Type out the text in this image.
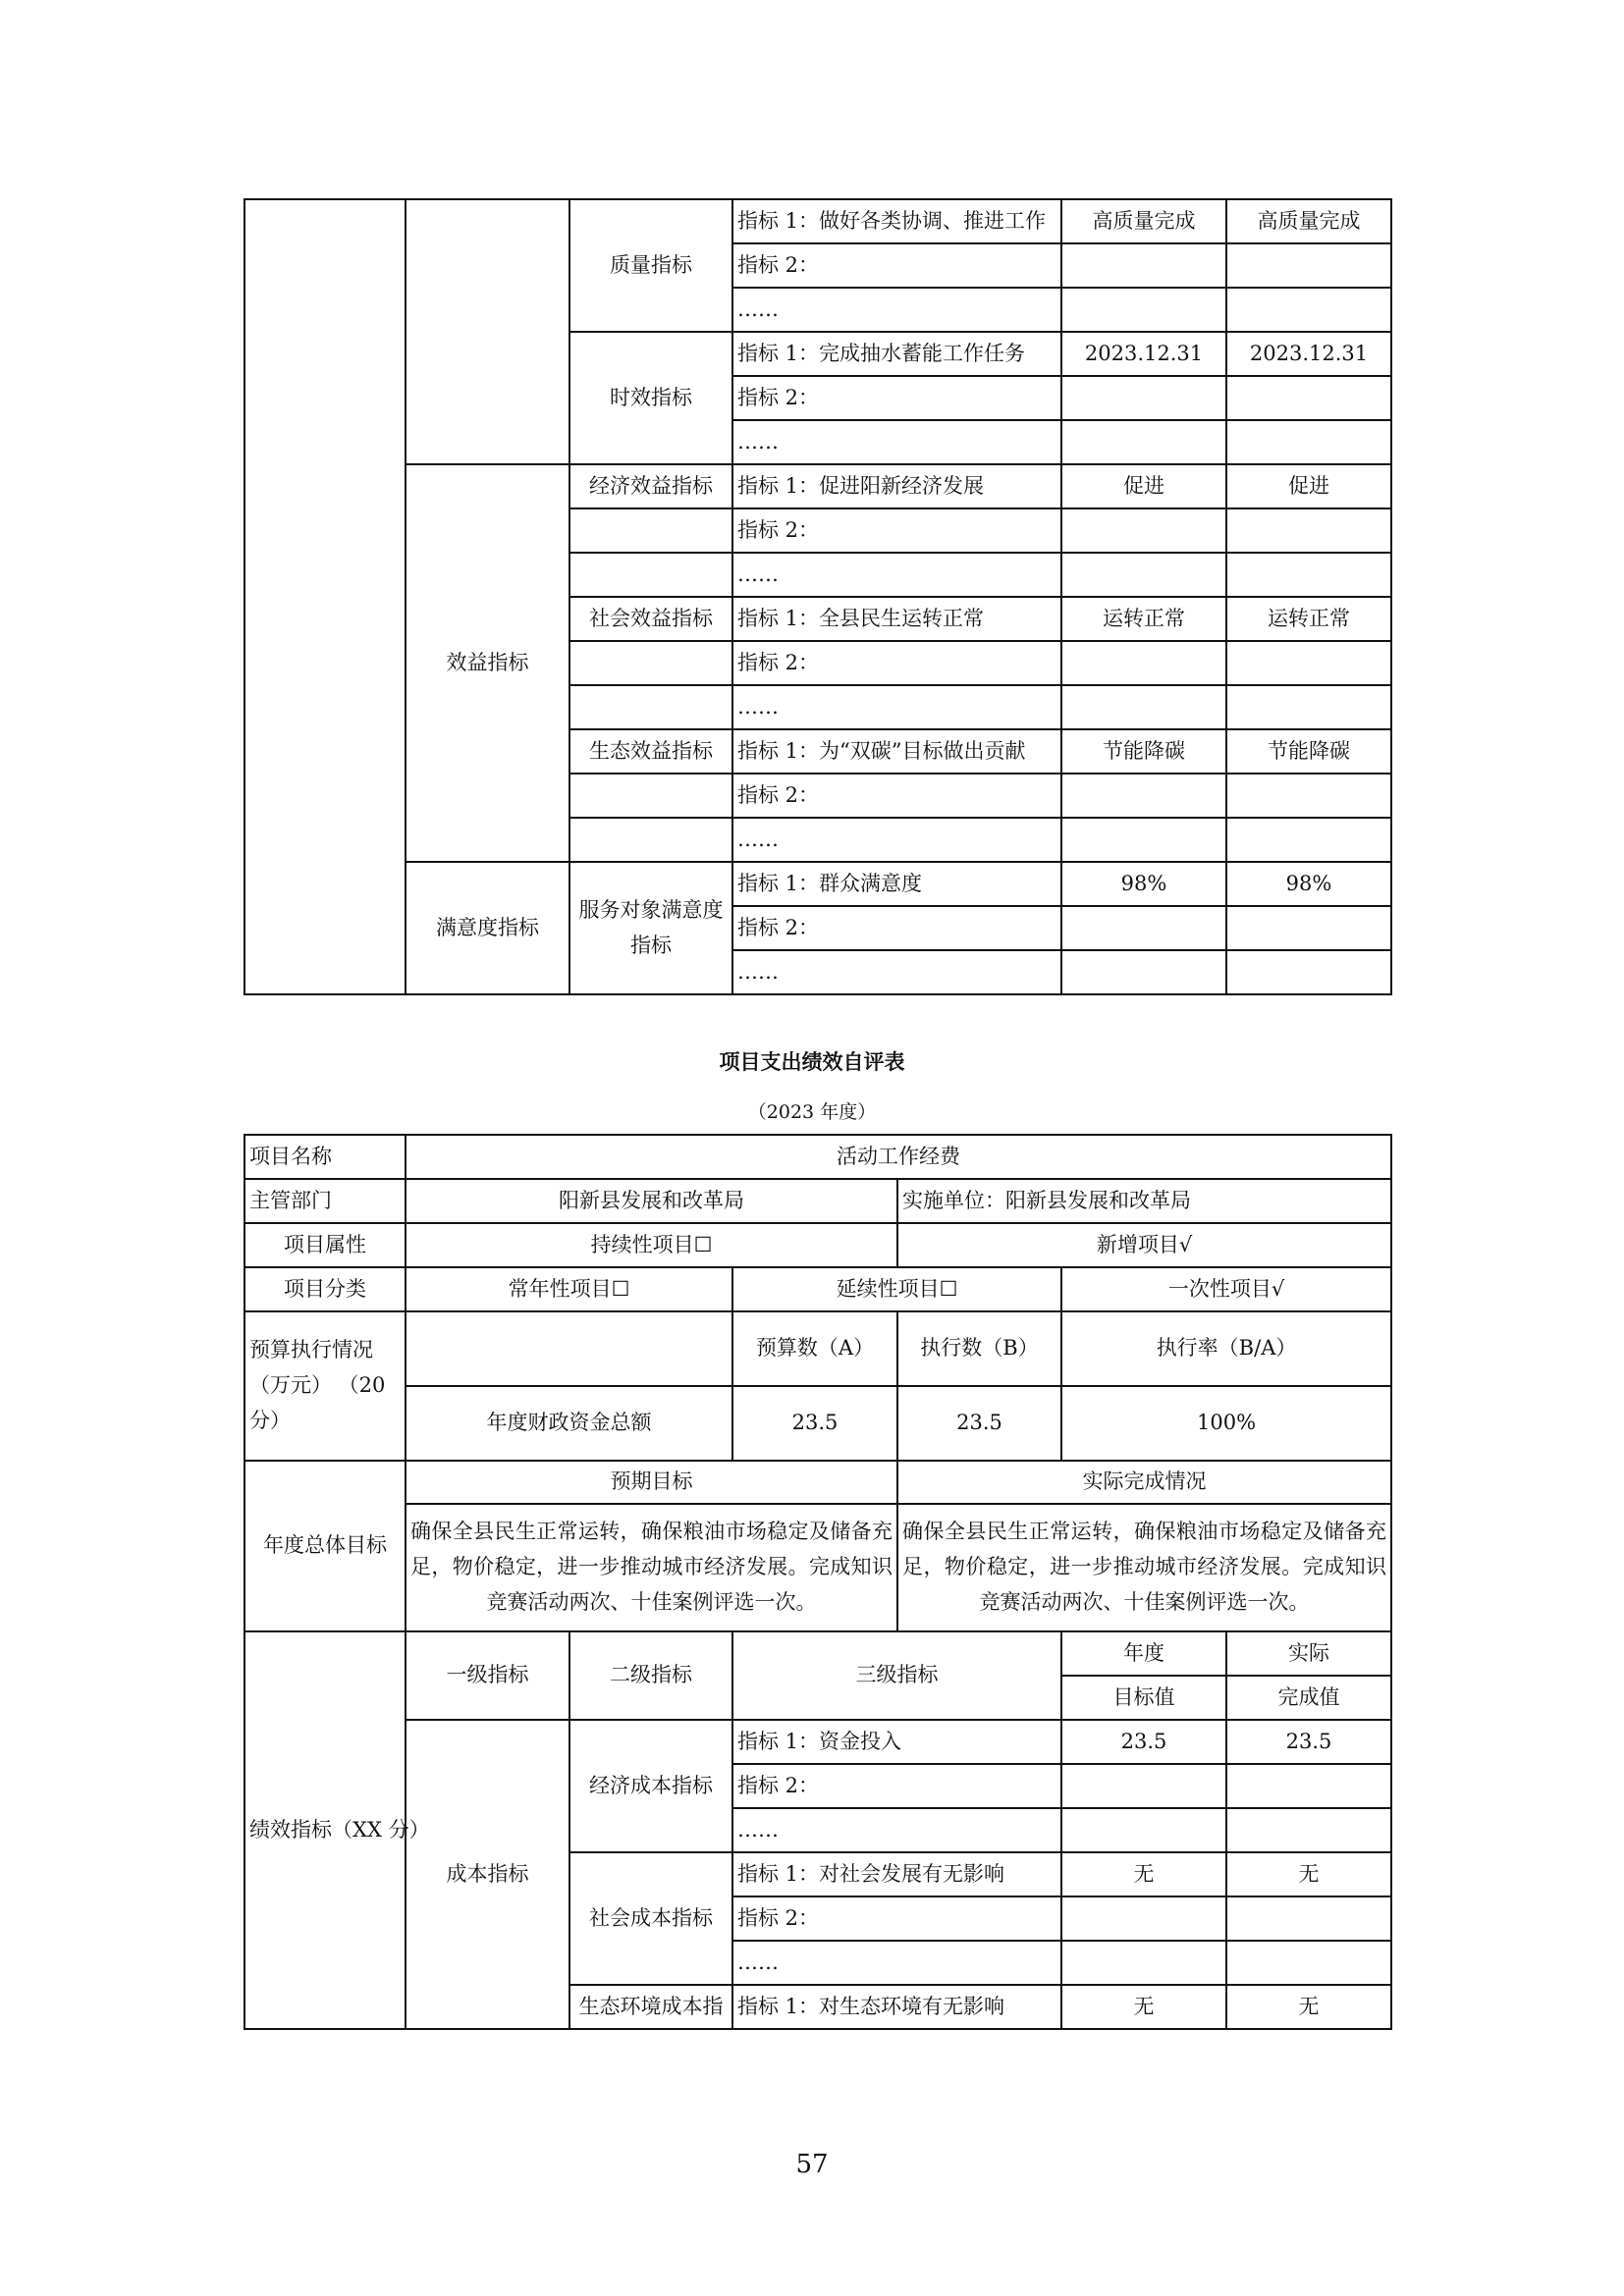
		质量指标	指标 1：做好各类协调、推进工作	高质量完成	高质量完成
			指标 2：		
			……		
		时效指标	指标 1：完成抽水蓄能工作任务	2023.12.31	2023.12.31
			指标 2：		
			……		
	效益指标	经济效益指标	指标 1：促进阳新经济发展	促进	促进
			指标 2：		
			……		
		社会效益指标	指标 1：全县民生运转正常	运转正常	运转正常
			指标 2：		
			……		
		生态效益指标	指标 1：为“双碳”目标做出贡献	节能降碳	节能降碳
			指标 2：		
			……		
	满意度指标	服务对象满意度指标	指标 1：群众满意度	98%	98%
			指标 2：		
			……		
项目支出绩效自评表
（2023 年度）
项目名称	活动工作经费					
主管部门	阳新县发展和改革局			实施单位：阳新县发展和改革局		
项目属性	持续性项目☐			新增项目√		
项目分类	常年性项目☐		延续性项目☐		一次性项目√	
预算执行情况（万元） （20 分）			预算数（A）	执行数（B）	执行率（B/A）	
	年度财政资金总额		23.5	23.5	100%	
年度总体目标	预期目标			实际完成情况		
	确保全县民生正常运转，确保粮油市场稳定及储备充足，物价稳定，进一步推动城市经济发展。完成知识竞赛活动两次、十佳案例评选一次。			确保全县民生正常运转，确保粮油市场稳定及储备充足，物价稳定，进一步推动城市经济发展。完成知识竞赛活动两次、十佳案例评选一次。		
绩效指标（XX 分）	一级指标	二级指标	三级指标		年度	实际
					目标值	完成值
	成本指标	经济成本指标	指标 1：资金投入		23.5	23.5
			指标 2：			
			……			
		社会成本指标	指标 1：对社会发展有无影响		无	无
			指标 2：			
			……			
		生态环境成本指	指标 1：对生态环境有无影响		无	无
57
